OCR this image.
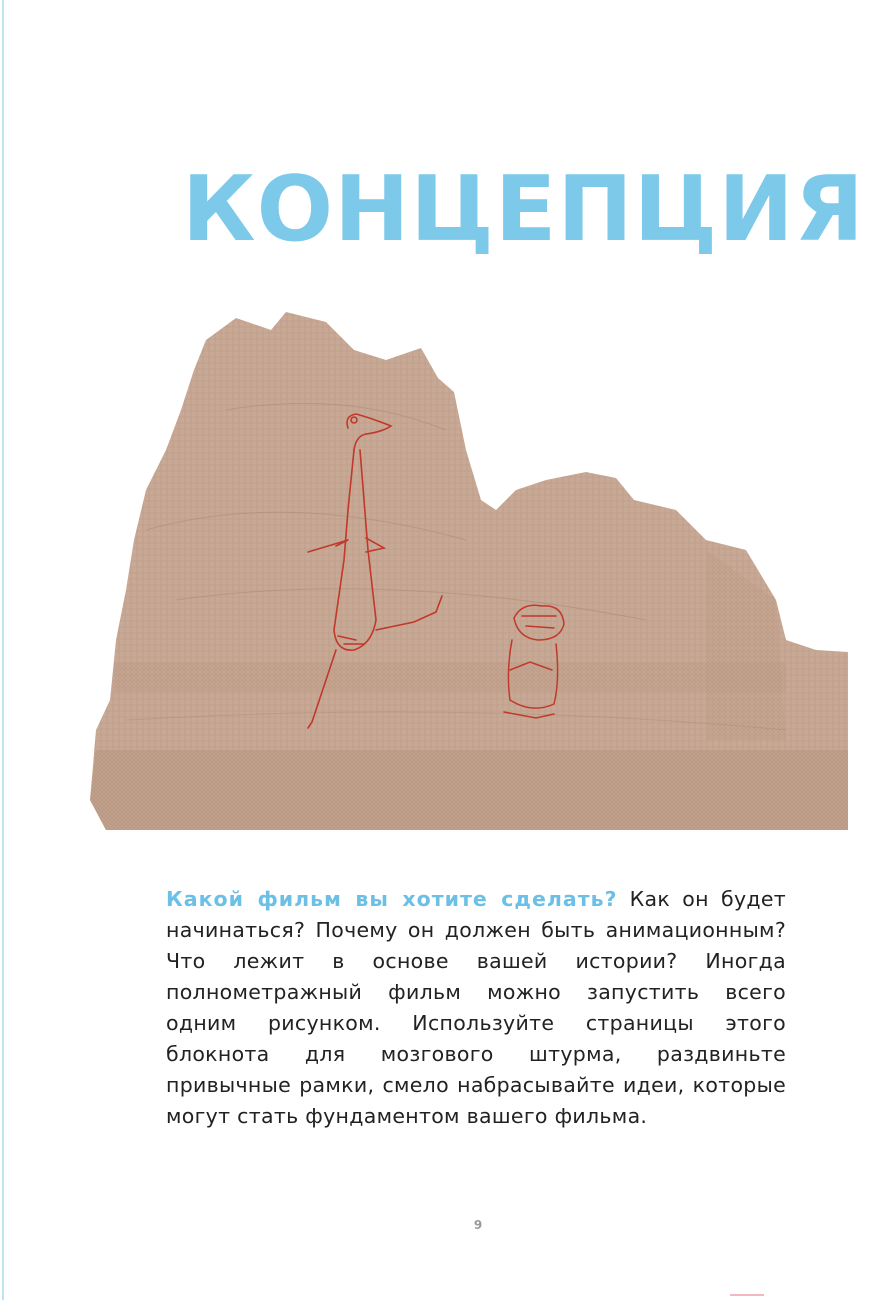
КОНЦЕПЦИЯ
Какой фильм вы хотите сделать? Как он будет начинаться? Почему он должен быть анимационным? Что лежит в основе вашей истории? Иногда полнометражный фильм можно запустить всего одним рисунком. Используйте страницы этого блокнота для мозгового штурма, раздвиньте привычные рамки, смело набрасывайте идеи, которые могут стать фундаментом вашего фильма.
9
